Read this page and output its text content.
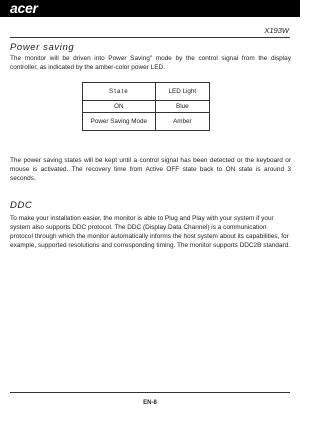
acer
X193W
Power saving
The monitor will be driven into Power Saving" mode by the control signal from the display controller, as indicated by the amber-color power LED.
State	LED Light
ON	Blue
Power Saving Mode	Amber
The power saving states will be kept until a control signal has been detected or the keyboard or mouse is activated. The recovery time from Active OFF state back to ON state is around 3 seconds.
DDC
To make your installation easier, the monitor is able to Plug and Play with your system if your system also supports DDC protocol. The DDC (Display Data Channel) is a communication protocol through which the monitor automatically informs the host system about its capabilities, for example, supported resolutions and corresponding timing. The monitor supports DDC2B standard.
EN-8
